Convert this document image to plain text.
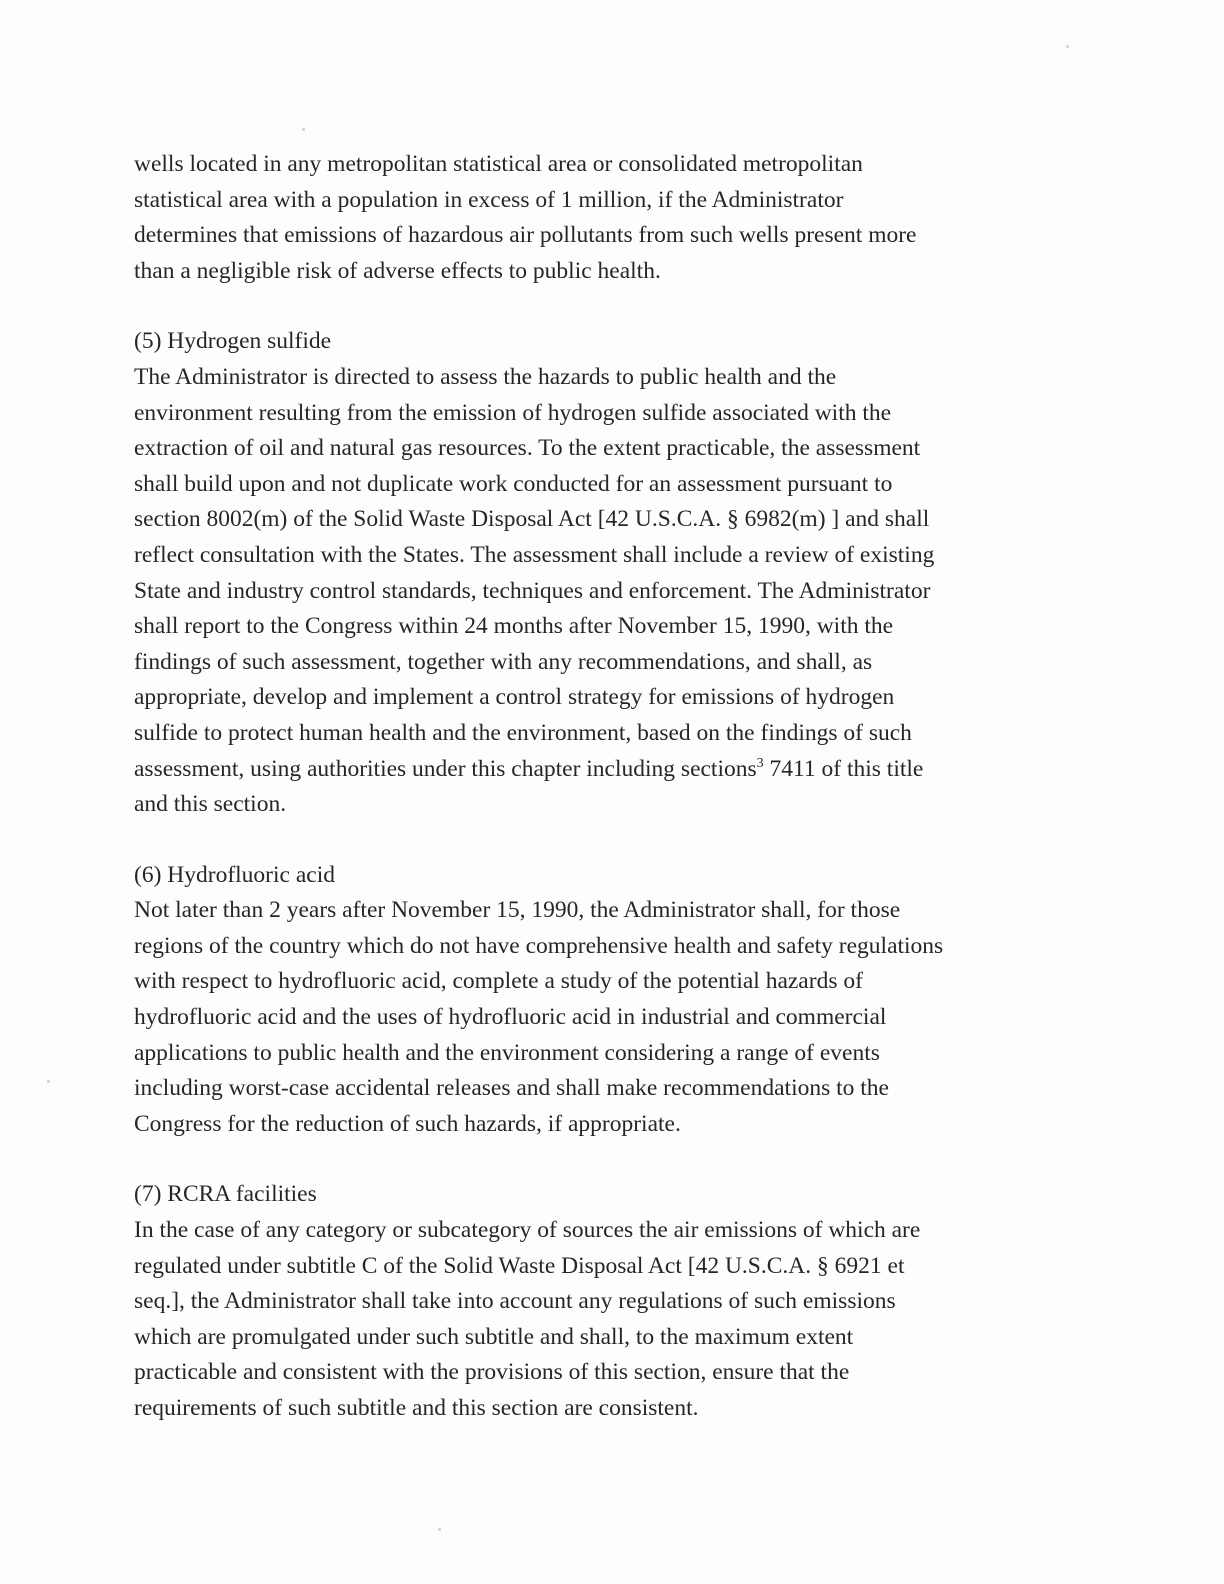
wells located in any metropolitan statistical area or consolidated metropolitan
statistical area with a population in excess of 1 million, if the Administrator
determines that emissions of hazardous air pollutants from such wells present more
than a negligible risk of adverse effects to public health.

(5) Hydrogen sulfide

The Administrator is directed to assess the hazards to public health and the
environment resulting from the emission of hydrogen sulfide associated with the
extraction of oil and natural gas resources. To the extent practicable, the assessment
shall build upon and not duplicate work conducted for an assessment pursuant to
section 8002(m) of the Solid Waste Disposal Act [42 U.S.C.A. § 6982(m) ] and shall
reflect consultation with the States. The assessment shall include a review of existing
State and industry control standards, techniques and enforcement. The Administrator
shall report to the Congress within 24 months after November 15, 1990, with the
findings of such assessment, together with any recommendations, and shall, as
appropriate, develop and implement a control strategy for emissions of hydrogen
sulfide to protect human health and the environment, based on the findings of such
assessment, using authorities under this chapter including sections$^3$ 7411 of this title
and this section.

(6) Hydrofluoric acid

Not later than 2 years after November 15, 1990, the Administrator shall, for those
regions of the country which do not have comprehensive health and safety regulations
with respect to hydrofluoric acid, complete a study of the potential hazards of
hydrofluoric acid and the uses of hydrofluoric acid in industrial and commercial
applications to public health and the environment considering a range of events
including worst-case accidental releases and shall make recommendations to the
Congress for the reduction of such hazards, if appropriate.

(7) RCRA facilities

In the case of any category or subcategory of sources the air emissions of which are
regulated under subtitle C of the Solid Waste Disposal Act [42 U.S.C.A. § 6921 et
seq.], the Administrator shall take into account any regulations of such emissions
which are promulgated under such subtitle and shall, to the maximum extent
practicable and consistent with the provisions of this section, ensure that the
requirements of such subtitle and this section are consistent.
